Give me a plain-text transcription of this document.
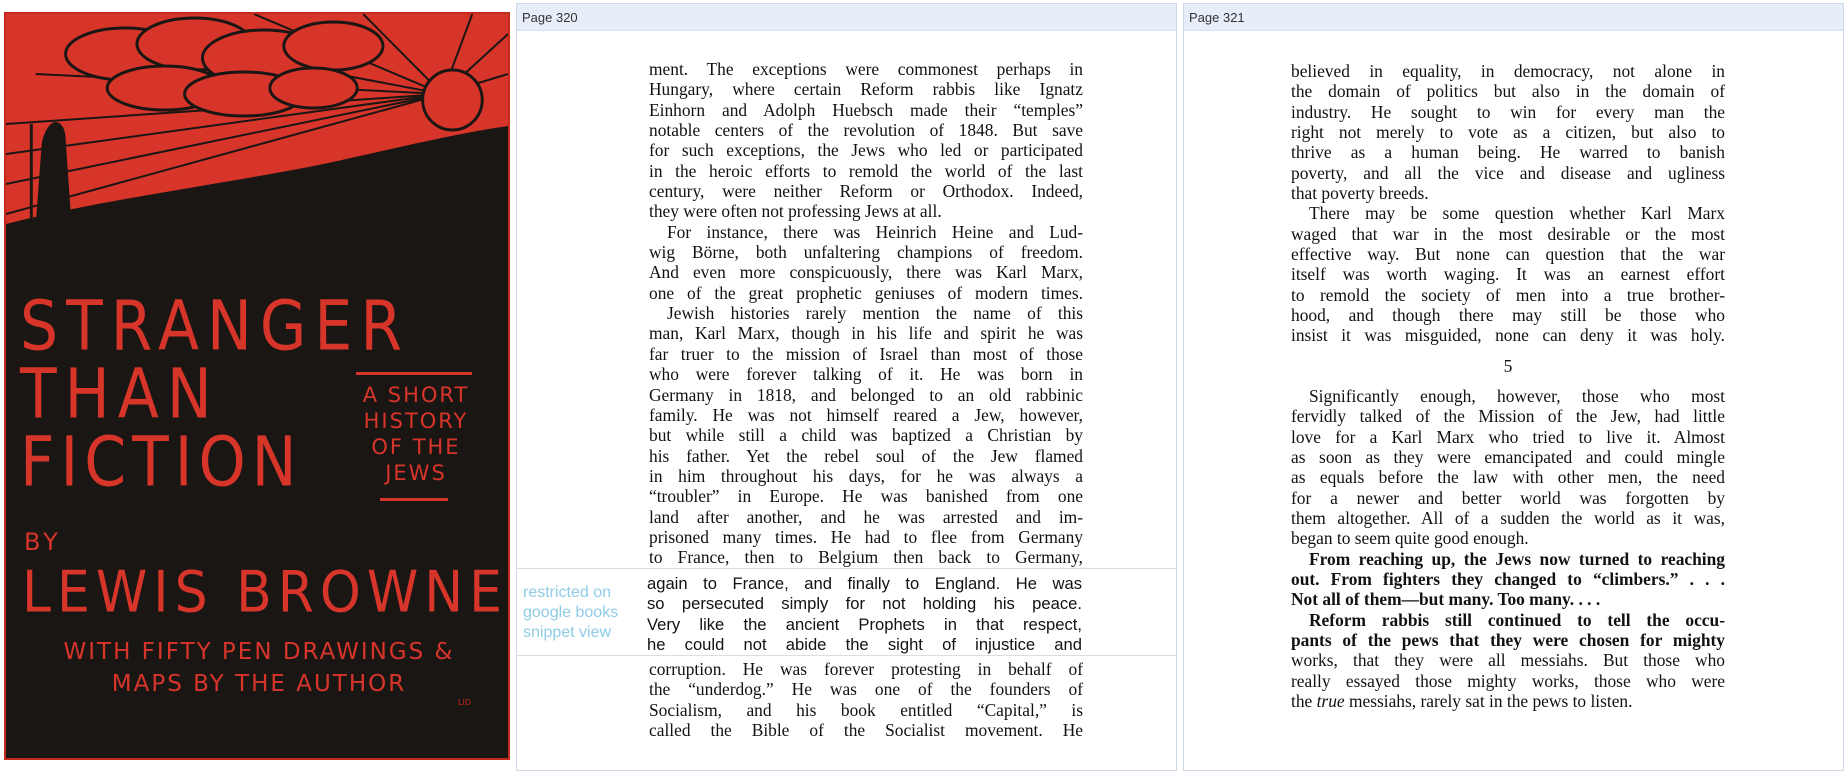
STRANGER
THAN
FICTION
A SHORT
HISTORY
OF THE
JEWS
BY
LEWIS BROWNE
WITH FIFTY PEN DRAWINGS &
MAPS BY THE AUTHOR
LID
Page 320
ment. The exceptions were commonest perhaps in
Hungary, where certain Reform rabbis like Ignatz
Einhorn and Adolph Huebsch made their “temples”
notable centers of the revolution of 1848. But save
for such exceptions, the Jews who led or participated
in the heroic efforts to remold the world of the last
century, were neither Reform or Orthodox. Indeed,
they were often not professing Jews at all.
For instance, there was Heinrich Heine and Lud-
wig Börne, both unfaltering champions of freedom.
And even more conspicuously, there was Karl Marx,
one of the great prophetic geniuses of modern times.
Jewish histories rarely mention the name of this
man, Karl Marx, though in his life and spirit he was
far truer to the mission of Israel than most of those
who were forever talking of it. He was born in
Germany in 1818, and belonged to an old rabbinic
family. He was not himself reared a Jew, however,
but while still a child was baptized a Christian by
his father. Yet the rebel soul of the Jew flamed
in him throughout his days, for he was always a
“troubler” in Europe. He was banished from one
land after another, and he was arrested and im-
prisoned many times. He had to flee from Germany
to France, then to Belgium then back to Germany,
restricted on google books snippet view
again to France, and finally to England. He was
so persecuted simply for not holding his peace.
Very like the ancient Prophets in that respect,
he could not abide the sight of injustice and
corruption. He was forever protesting in behalf of
the “underdog.” He was one of the founders of
Socialism, and his book entitled “Capital,” is
called the Bible of the Socialist movement. He
Page 321
believed in equality, in democracy, not alone in
the domain of politics but also in the domain of
industry. He sought to win for every man the
right not merely to vote as a citizen, but also to
thrive as a human being. He warred to banish
poverty, and all the vice and disease and ugliness
that poverty breeds.
There may be some question whether Karl Marx
waged that war in the most desirable or the most
effective way. But none can question that the war
itself was worth waging. It was an earnest effort
to remold the society of men into a true brother-
hood, and though there may still be those who
insist it was misguided, none can deny it was holy.
5
Significantly enough, however, those who most
fervidly talked of the Mission of the Jew, had little
love for a Karl Marx who tried to live it. Almost
as soon as they were emancipated and could mingle
as equals before the law with other men, the need
for a newer and better world was forgotten by
them altogether. All of a sudden the world as it was,
began to seem quite good enough.
From reaching up, the Jews now turned to reaching
out. From fighters they changed to “climbers.” . . .
Not all of them—but many. Too many. . . .
Reform rabbis still continued to tell the occu-
pants of the pews that they were chosen for mighty
works, that they were all messiahs. But those who
really essayed those mighty works, those who were
the true messiahs, rarely sat in the pews to listen.
